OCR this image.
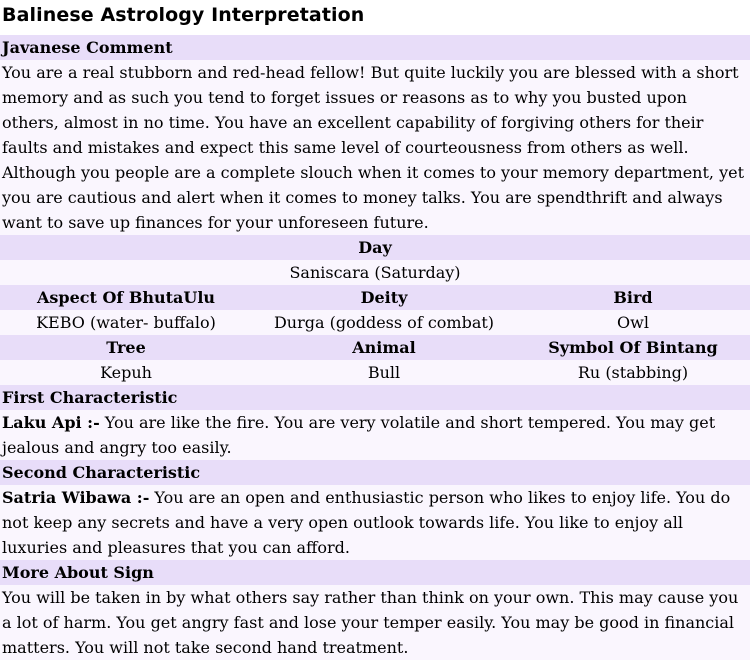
Balinese Astrology Interpretation
Javanese Comment
You are a real stubborn and red-head fellow! But quite luckily you are blessed with a short memory and as such you tend to forget issues or reasons as to why you busted upon others, almost in no time. You have an excellent capability of forgiving others for their faults and mistakes and expect this same level of courteousness from others as well. Although you people are a complete slouch when it comes to your memory department, yet you are cautious and alert when it comes to money talks. You are spendthrift and always want to save up finances for your unforeseen future.
Day
Saniscara (Saturday)
Aspect Of BhutaUlu	Deity	Bird
KEBO (water- buffalo)	Durga (goddess of combat)	Owl
Tree	Animal	Symbol Of Bintang
Kepuh	Bull	Ru (stabbing)
First Characteristic
Laku Api :- You are like the fire. You are very volatile and short tempered. You may get jealous and angry too easily.
Second Characteristic
Satria Wibawa :- You are an open and enthusiastic person who likes to enjoy life. You do not keep any secrets and have a very open outlook towards life. You like to enjoy all luxuries and pleasures that you can afford.
More About Sign
You will be taken in by what others say rather than think on your own. This may cause you a lot of harm. You get angry fast and lose your temper easily. You may be good in financial matters. You will not take second hand treatment.
